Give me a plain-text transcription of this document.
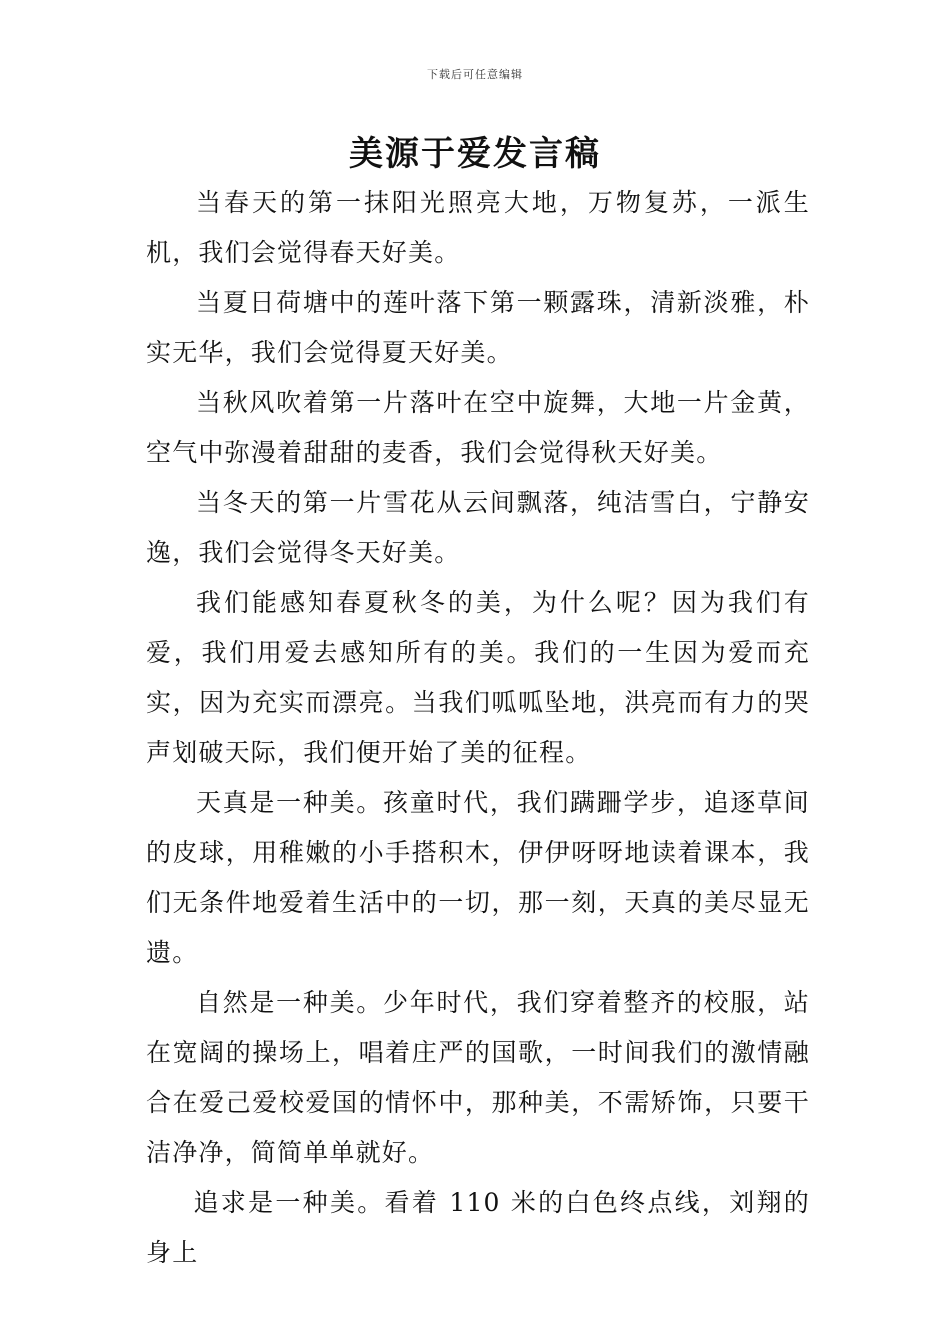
下载后可任意编辑
美源于爱发言稿

当春天的第一抹阳光照亮大地，万物复苏，一派生机，我们会觉得春天好美。

当夏日荷塘中的莲叶落下第一颗露珠，清新淡雅，朴实无华，我们会觉得夏天好美。

当秋风吹着第一片落叶在空中旋舞，大地一片金黄，空气中弥漫着甜甜的麦香，我们会觉得秋天好美。

当冬天的第一片雪花从云间飘落，纯洁雪白，宁静安逸，我们会觉得冬天好美。

我们能感知春夏秋冬的美，为什么呢？因为我们有爱，我们用爱去感知所有的美。我们的一生因为爱而充实，因为充实而漂亮。当我们呱呱坠地，洪亮而有力的哭声划破天际，我们便开始了美的征程。

天真是一种美。孩童时代，我们蹒跚学步，追逐草间的皮球，用稚嫩的小手搭积木，伊伊呀呀地读着课本，我们无条件地爱着生活中的一切，那一刻，天真的美尽显无遗。

自然是一种美。少年时代，我们穿着整齐的校服，站在宽阔的操场上，唱着庄严的国歌，一时间我们的激情融合在爱己爱校爱国的情怀中，那种美，不需矫饰，只要干洁净净，简简单单就好。

追求是一种美。看着 110 米的白色终点线，刘翔的身上
